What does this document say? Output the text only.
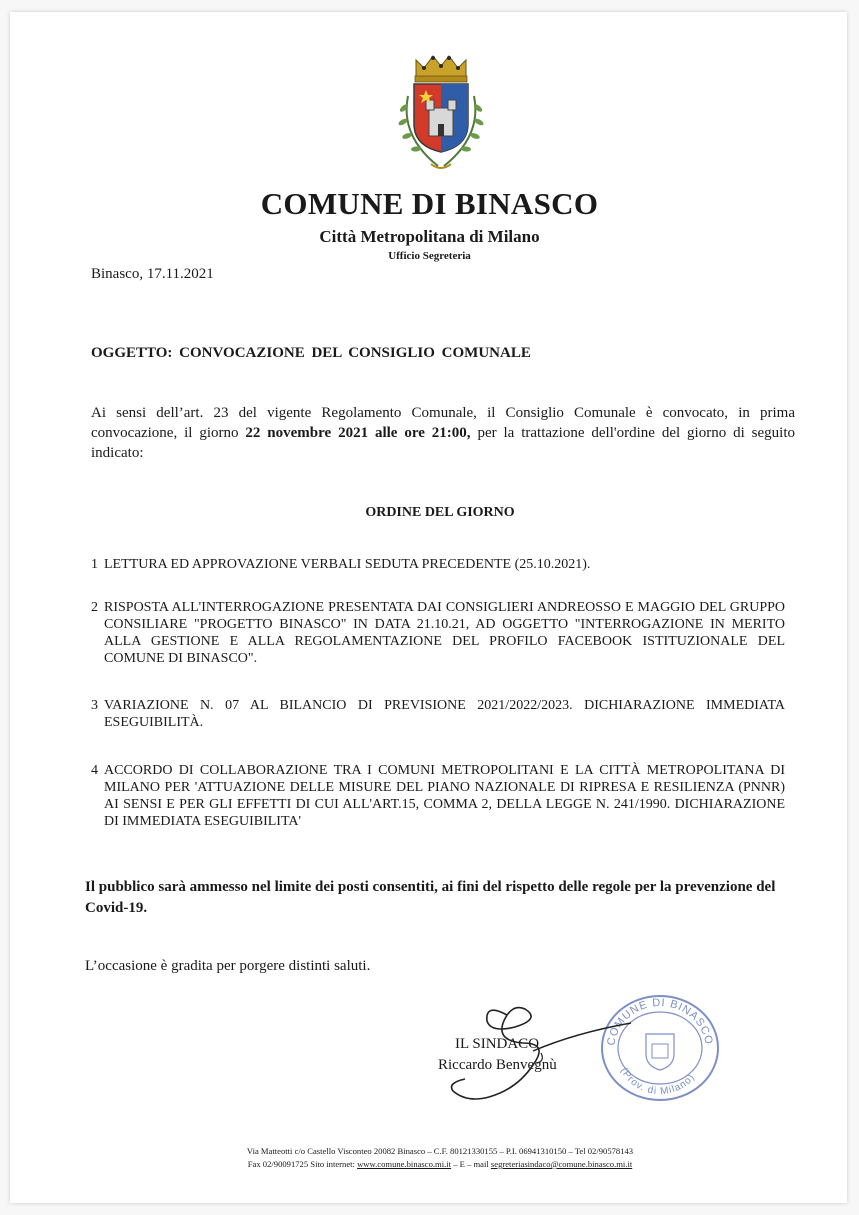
COMUNE DI BINASCO
Città Metropolitana di Milano
Ufficio Segreteria
Binasco, 17.11.2021
OGGETTO: CONVOCAZIONE DEL CONSIGLIO COMUNALE
Ai sensi dell’art. 23 del vigente Regolamento Comunale, il Consiglio Comunale è convocato, in prima convocazione, il giorno 22 novembre 2021 alle ore 21:00, per la trattazione dell'ordine del giorno di seguito indicato:
ORDINE DEL GIORNO
1 LETTURA ED APPROVAZIONE VERBALI SEDUTA PRECEDENTE (25.10.2021).
2 RISPOSTA ALL'INTERROGAZIONE PRESENTATA DAI CONSIGLIERI ANDREOSSO E MAGGIO DEL GRUPPO CONSILIARE "PROGETTO BINASCO" IN DATA 21.10.21, AD OGGETTO "INTERROGAZIONE IN MERITO ALLA GESTIONE E ALLA REGOLAMENTAZIONE DEL PROFILO FACEBOOK ISTITUZIONALE DEL COMUNE DI BINASCO".
3 VARIAZIONE N. 07 AL BILANCIO DI PREVISIONE 2021/2022/2023. DICHIARAZIONE IMMEDIATA ESEGUIBILITÀ.
4 ACCORDO DI COLLABORAZIONE TRA I COMUNI METROPOLITANI E LA CITTÀ METROPOLITANA DI MILANO PER 'ATTUAZIONE DELLE MISURE DEL PIANO NAZIONALE DI RIPRESA E RESILIENZA (PNNR) AI SENSI E PER GLI EFFETTI DI CUI ALL'ART.15, COMMA 2, DELLA LEGGE N. 241/1990. DICHIARAZIONE DI IMMEDIATA ESEGUIBILITA'
Il pubblico sarà ammesso nel limite dei posti consentiti, ai fini del rispetto delle regole per la prevenzione del Covid-19.
L’occasione è gradita per porgere distinti saluti.
COMUNE DI BINASCO
(Prov. di Milano)
IL SINDACO
Riccardo Benvegnù
Via Matteotti c/o Castello Visconteo 20082 Binasco – C.F. 80121330155 – P.I. 06941310150 – Tel 02/90578143
Fax 02/90091725 Sito internet: www.comune.binasco.mi.it – E – mail segreteriasindaco@comune.binasco.mi.it
